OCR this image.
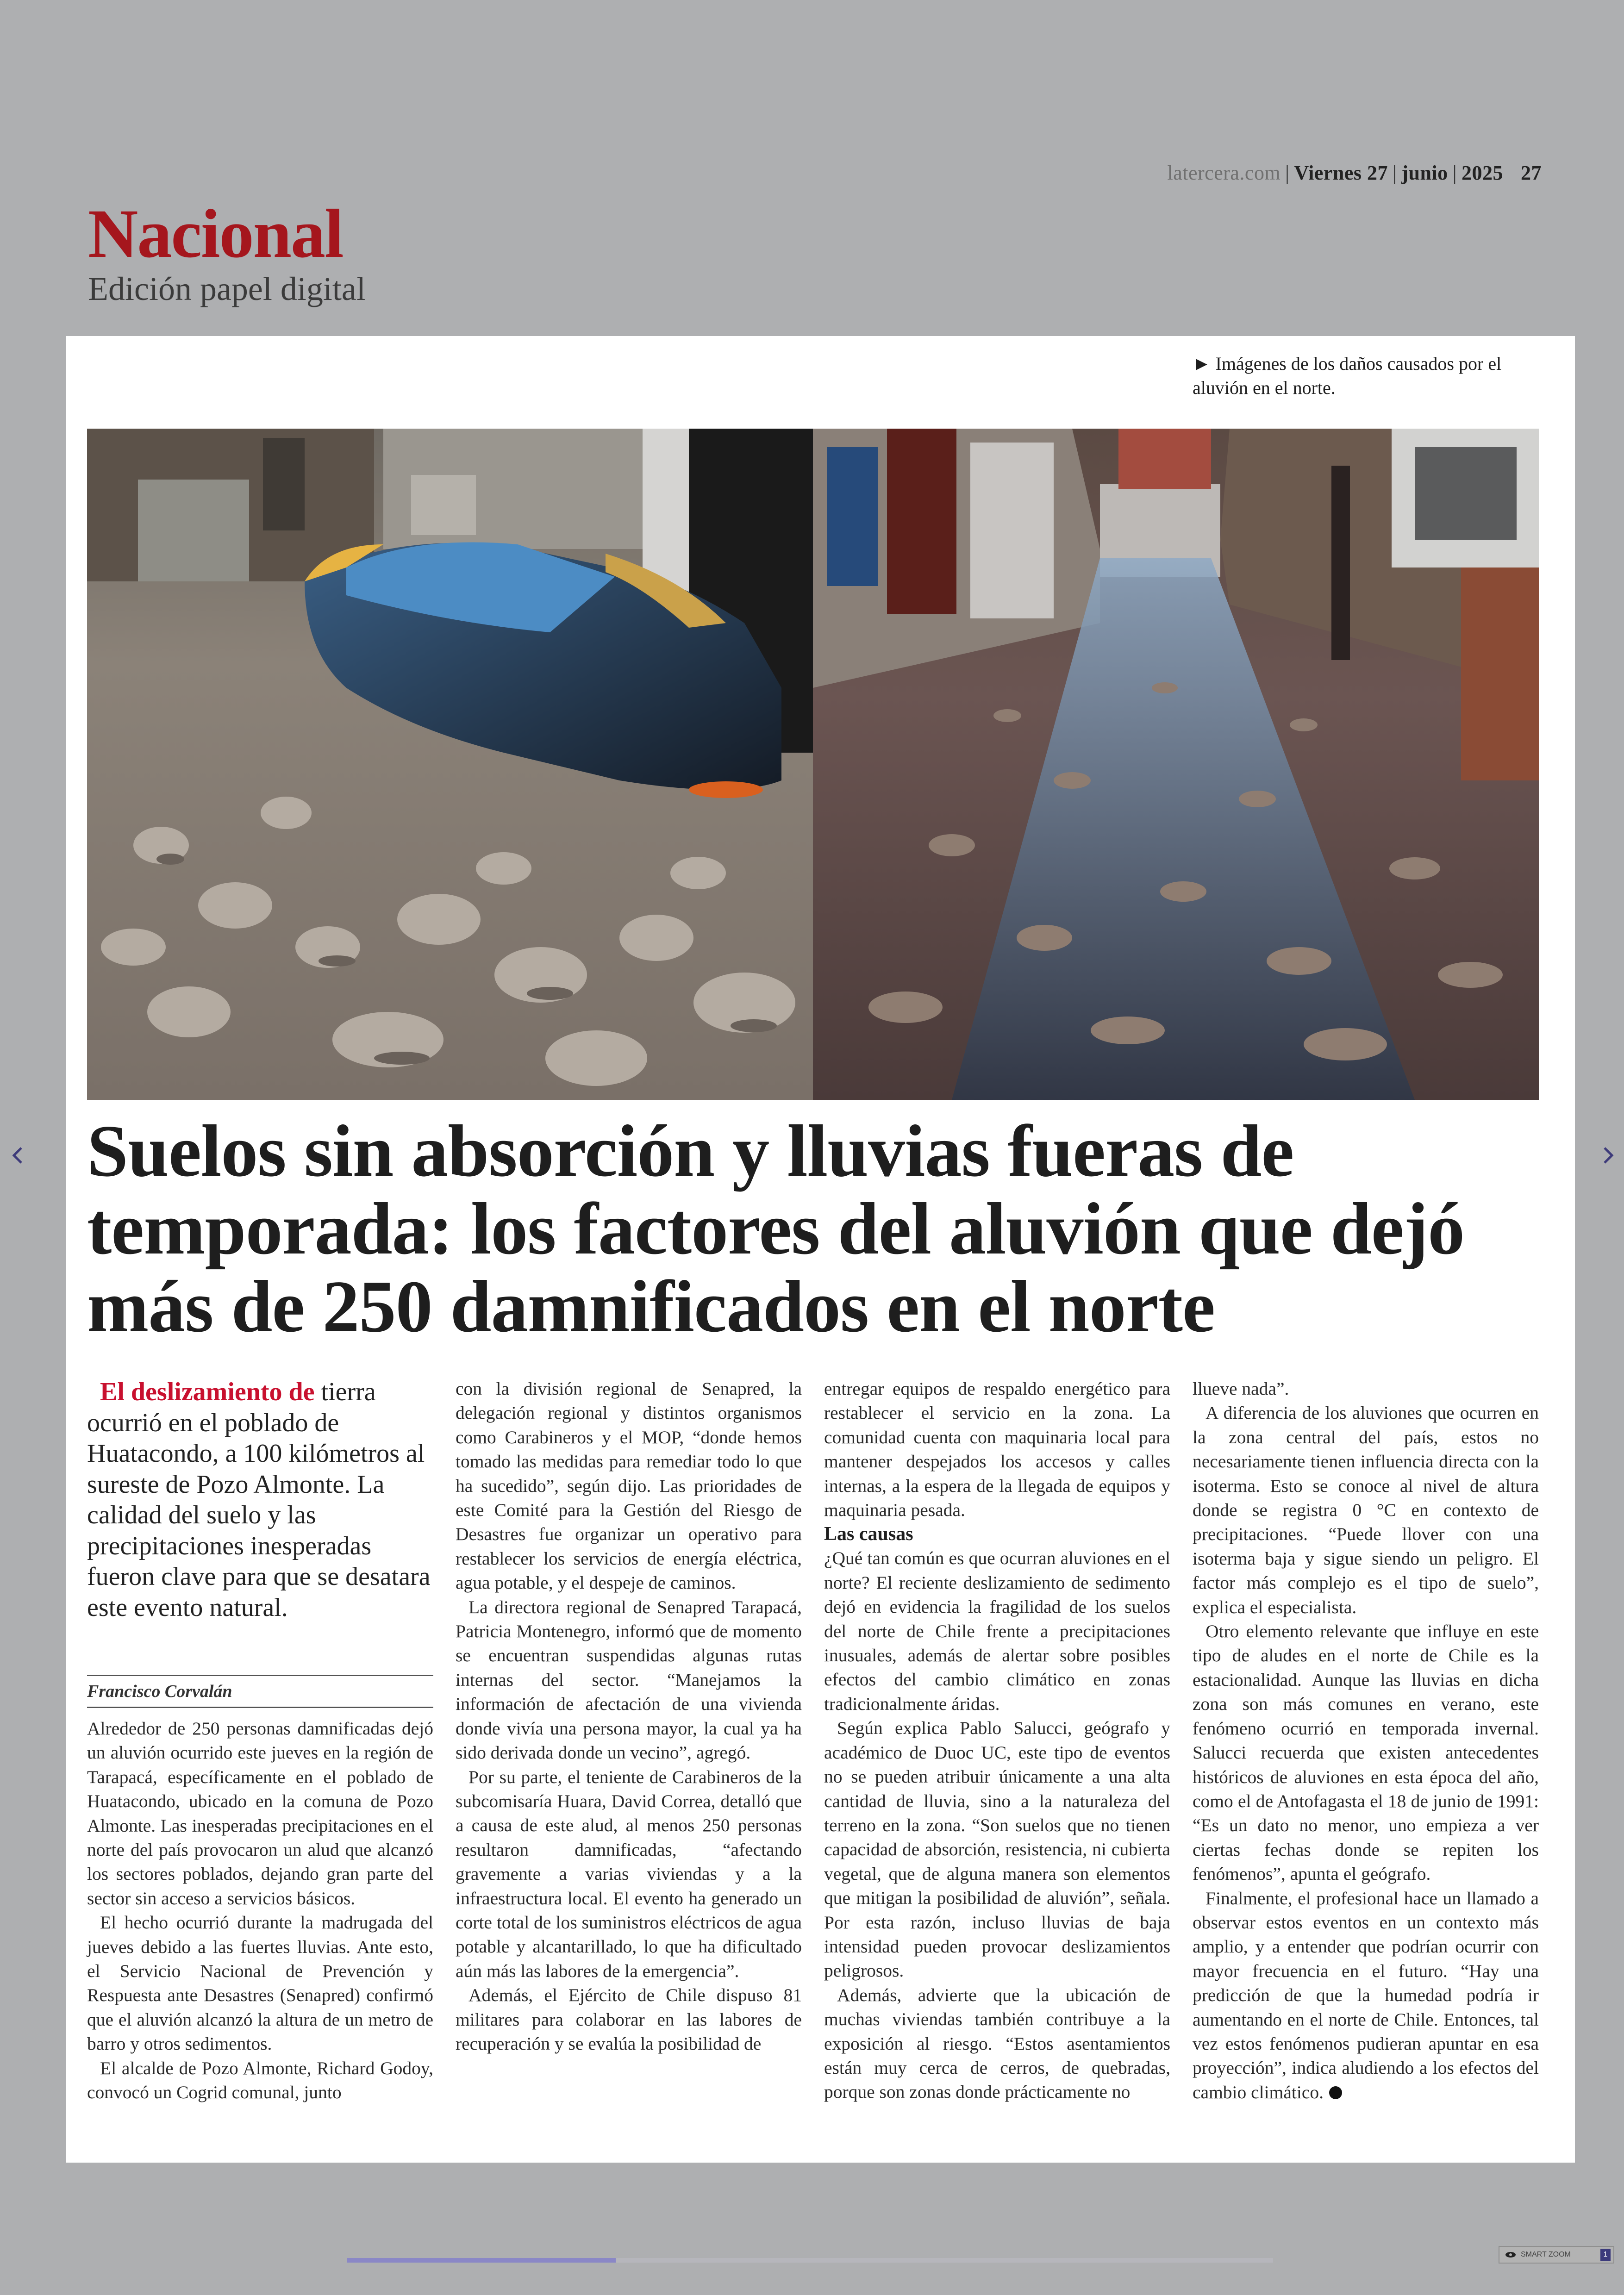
latercera.com | Viernes 27 | junio | 2025 27
Nacional
Edición papel digital
► Imágenes de los daños causados por el aluvión en el norte.
Suelos sin absorción y lluvias fueras de temporada: los factores del aluvión que dejó más de 250 damnificados en el norte

El deslizamiento de tierra ocurrió en el poblado de Huatacondo, a 100 kilómetros al sureste de Pozo Almonte. La calidad del suelo y las precipitaciones inesperadas fueron clave para que se desatara este evento natural.

Francisco Corvalán

Alrededor de 250 personas damnificadas dejó un aluvión ocurrido este jueves en la región de Tarapacá, específicamente en el poblado de Huatacondo, ubicado en la comuna de Pozo Almonte. Las inesperadas precipitaciones en el norte del país provocaron un alud que alcanzó los sectores poblados, dejando gran parte del sector sin acceso a servicios básicos.

El hecho ocurrió durante la madrugada del jueves debido a las fuertes lluvias. Ante esto, el Servicio Nacional de Prevención y Respuesta ante Desastres (Senapred) confirmó que el aluvión alcanzó la altura de un metro de barro y otros sedimentos.

El alcalde de Pozo Almonte, Richard Godoy, convocó un Cogrid comunal, junto

con la división regional de Senapred, la delegación regional y distintos organismos como Carabineros y el MOP, “donde hemos tomado las medidas para remediar todo lo que ha sucedido”, según dijo. Las prioridades de este Comité para la Gestión del Riesgo de Desastres fue organizar un operativo para restablecer los servicios de energía eléctrica, agua potable, y el despeje de caminos.

La directora regional de Senapred Tarapacá, Patricia Montenegro, informó que de momento se encuentran suspendidas algunas rutas internas del sector. “Manejamos la información de afectación de una vivienda donde vivía una persona mayor, la cual ya ha sido derivada donde un vecino”, agregó.

Por su parte, el teniente de Carabineros de la subcomisaría Huara, David Correa, detalló que a causa de este alud, al menos 250 personas resultaron damnificadas, “afectando gravemente a varias viviendas y a la infraestructura local. El evento ha generado un corte total de los suministros eléctricos de agua potable y alcantarillado, lo que ha dificultado aún más las labores de la emergencia”.

Además, el Ejército de Chile dispuso 81 militares para colaborar en las labores de recuperación y se evalúa la posibilidad de

entregar equipos de respaldo energético para restablecer el servicio en la zona. La comunidad cuenta con maquinaria local para mantener despejados los accesos y calles internas, a la espera de la llegada de equipos y maquinaria pesada.

Las causas

¿Qué tan común es que ocurran aluviones en el norte? El reciente deslizamiento de sedimento dejó en evidencia la fragilidad de los suelos del norte de Chile frente a precipitaciones inusuales, además de alertar sobre posibles efectos del cambio climático en zonas tradicionalmente áridas.

Según explica Pablo Salucci, geógrafo y académico de Duoc UC, este tipo de eventos no se pueden atribuir únicamente a una alta cantidad de lluvia, sino a la naturaleza del terreno en la zona. “Son suelos que no tienen capacidad de absorción, resistencia, ni cubierta vegetal, que de alguna manera son elementos que mitigan la posibilidad de aluvión”, señala. Por esta razón, incluso lluvias de baja intensidad pueden provocar deslizamientos peligrosos.

Además, advierte que la ubicación de muchas viviendas también contribuye a la exposición al riesgo. “Estos asentamientos están muy cerca de cerros, de quebradas, porque son zonas donde prácticamente no

llueve nada”.

A diferencia de los aluviones que ocurren en la zona central del país, estos no necesariamente tienen influencia directa con la isoterma. Esto se conoce al nivel de altura donde se registra 0 °C en contexto de precipitaciones. “Puede llover con una isoterma baja y sigue siendo un peligro. El factor más complejo es el tipo de suelo”, explica el especialista.

Otro elemento relevante que influye en este tipo de aludes en el norte de Chile es la estacionalidad. Aunque las lluvias en dicha zona son más comunes en verano, este fenómeno ocurrió en temporada invernal. Salucci recuerda que existen antecedentes históricos de aluviones en esta época del año, como el de Antofagasta el 18 de junio de 1991: “Es un dato no menor, uno empieza a ver ciertas fechas donde se repiten los fenómenos”, apunta el geógrafo.

Finalmente, el profesional hace un llamado a observar estos eventos en un contexto más amplio, y a entender que podrían ocurrir con mayor frecuencia en el futuro. “Hay una predicción de que la humedad podría ir aumentando en el norte de Chile. Entonces, tal vez estos fenómenos pudieran apuntar en esa proyección”, indica aludiendo a los efectos del cambio climático.

SMART ZOOM	1
